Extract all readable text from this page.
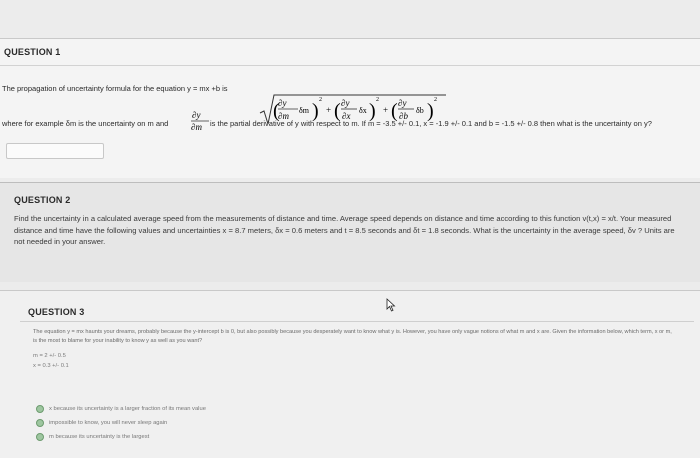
QUESTION 1
The propagation of uncertainty formula for the equation y = mx +b is
∂y
∂m
δm
( ) 2
+ ( ∂y
∂x
δx ) 2
+ ( ∂y
∂b
δb ) 2
where for example δm is the uncertainty on m and
∂y
∂m is the partial derivative of y with respect to m. If m = -3.5 +/- 0.1, x = -1.9 +/- 0.1 and b = -1.5 +/- 0.8 then what is the uncertainty on y?
QUESTION 2

Find the uncertainty in a calculated average speed from the measurements of distance and time. Average speed depends on distance and time according to this function v(t,x) = x/t. Your measured distance and time have the following values and uncertainties x = 8.7 meters, δx = 0.6 meters and t = 8.5 seconds and δt = 1.8 seconds. What is the uncertainty in the average speed, δv ? Units are not needed in your answer.

QUESTION 3
The equation y = mx haunts your dreams, probably because the y-intercept b is 0, but also possibly because you desperately want to know what y is. However, you have only vague notions of what m and x are. Given the information below, which term, x or m, is the most to blame for your inability to know y as well as you want?
m = 2 +/- 0.5
x = 0.3 +/- 0.1
x because its uncertainty is a larger fraction of its mean value
impossible to know, you will never sleep again
m because its uncertainty is the largest
